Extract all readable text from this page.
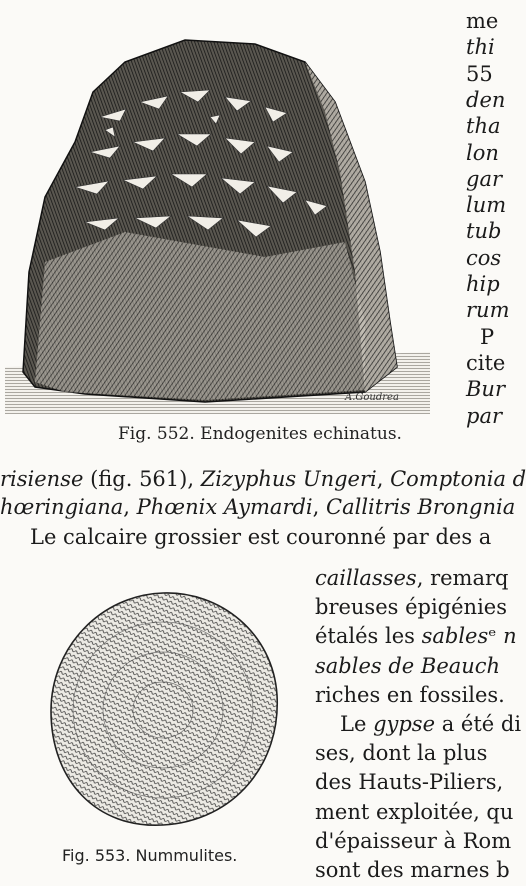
A.Goudrea
Fig. 552. Endogenites echinatus.
me
thi
55
den
tha
lon
gar
lum
tub
cos
hip
rum
P
cite
Bur
par
risiense (fig. 561), Zizyphus Ungeri, Comptonia d
hœringiana, Phœnix Aymardi, Callitris Brongnia
Le calcaire grossier est couronné par des a
Fig. 553. Nummulites.
caillasses, remarq
breuses épigénies
étalés les sablesᵉ n
sables de Beauch
riches en fossiles.
Le gypse a été di
ses, dont la plus
des Hauts-Piliers,
ment exploitée, qu
d'épaisseur à Rom
sont des marnes b
